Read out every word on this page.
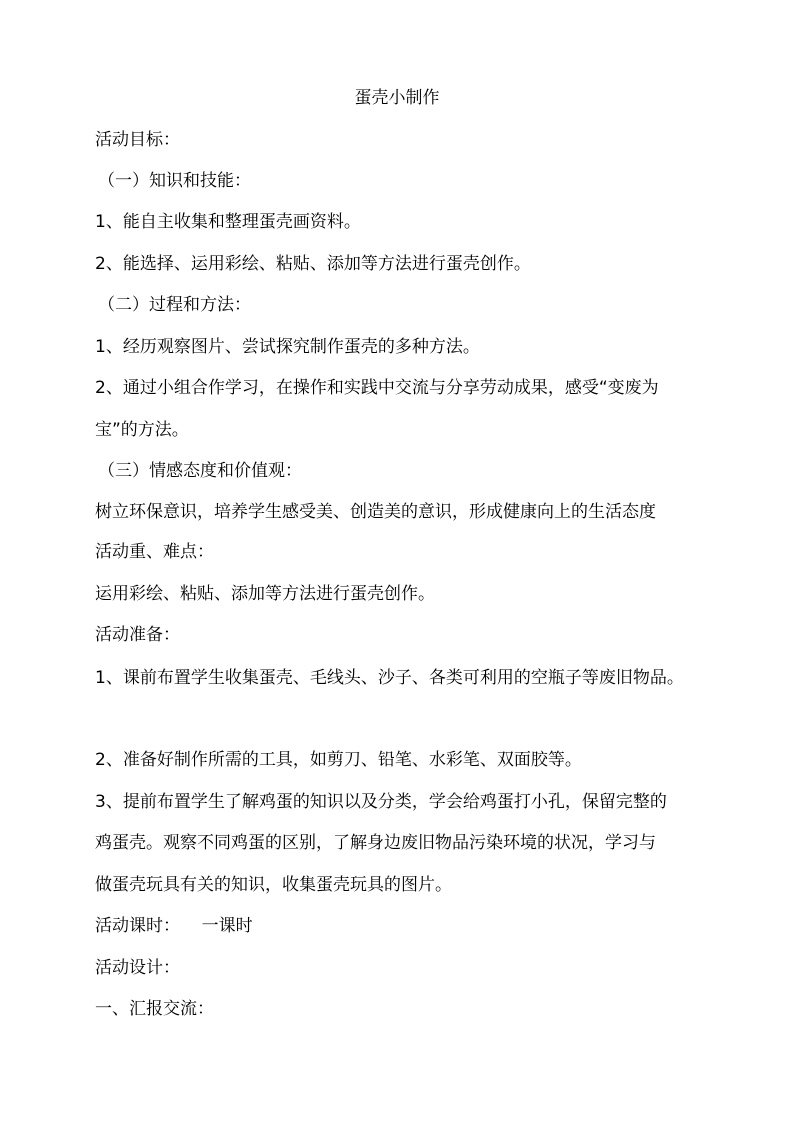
蛋壳小制作

活动目标：

（一）知识和技能：

1、能自主收集和整理蛋壳画资料。

2、能选择、运用彩绘、粘贴、添加等方法进行蛋壳创作。

（二）过程和方法：

1、经历观察图片、尝试探究制作蛋壳的多种方法。

2、通过小组合作学习，在操作和实践中交流与分享劳动成果，感受“变废为

宝”的方法。

（三）情感态度和价值观：

树立环保意识，培养学生感受美、创造美的意识，形成健康向上的生活态度

活动重、难点：

运用彩绘、粘贴、添加等方法进行蛋壳创作。

活动准备：

1、课前布置学生收集蛋壳、毛线头、沙子、各类可利用的空瓶子等废旧物品。

2、准备好制作所需的工具，如剪刀、铅笔、水彩笔、双面胶等。

3、提前布置学生了解鸡蛋的知识以及分类，学会给鸡蛋打小孔，保留完整的

鸡蛋壳。观察不同鸡蛋的区别，了解身边废旧物品污染环境的状况，学习与

做蛋壳玩具有关的知识，收集蛋壳玩具的图片。

活动课时：    一课时

活动设计：

一、汇报交流：
